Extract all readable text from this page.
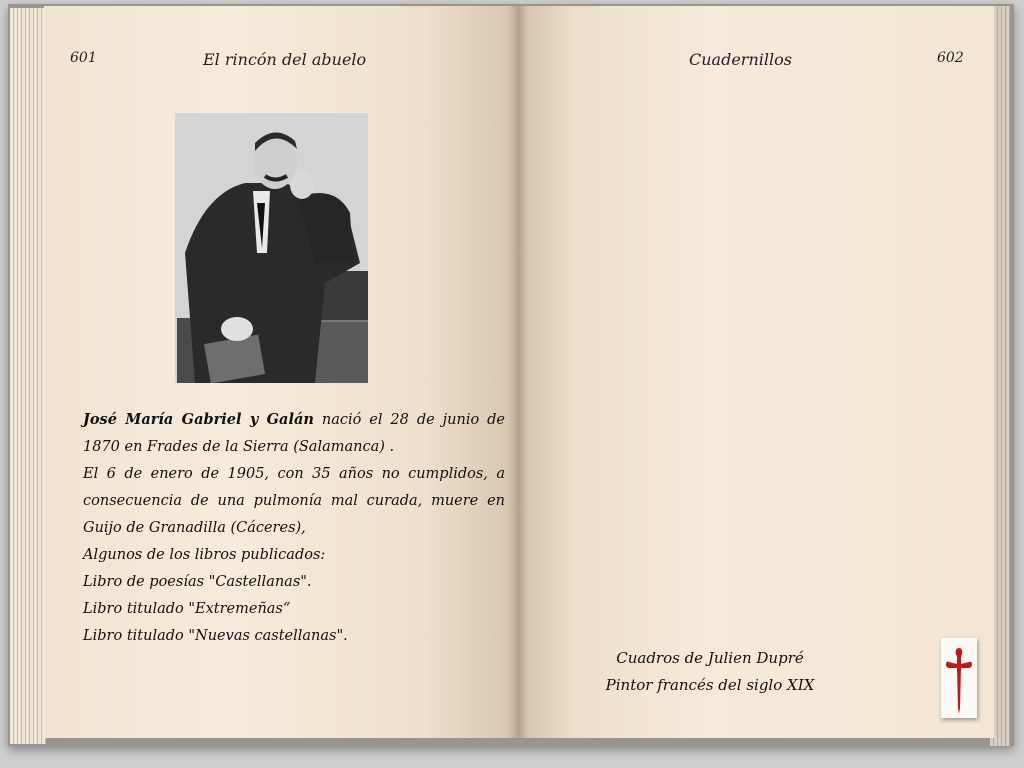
601	El rincón del abuelo	Cuadernillos	602

José María Gabriel y Galán nació el 28 de junio de 1870 en Frades de la Sierra (Salamanca) .

El 6 de enero de 1905, con 35 años no cumplidos, a consecuencia de una pulmonía mal curada, muere en Guijo de Granadilla (Cáceres),

Algunos de los libros publicados:

Libro de poesías "Castellanas".

Libro titulado "Extremeñas“

Libro titulado "Nuevas castellanas".

Cuadros de Julien Dupré
Pintor francés del siglo XIX
